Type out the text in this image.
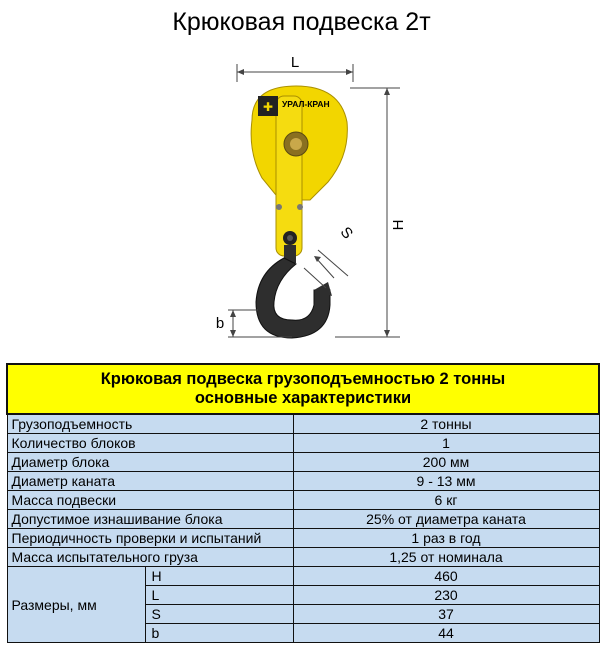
Крюковая подвеска 2т
L
H
✚ УРАЛ-КРАН
S
b
Крюковая подвеска грузоподъемностью 2 тонны
основные характеристики		

Грузоподъемность		2 тонны
Количество блоков		1
Диаметр блока		200 мм
Диаметр каната		9 - 13 мм
Масса подвески		6 кг
Допустимое изнашивание блока		25% от диаметра каната
Периодичность проверки и испытаний		1 раз в год
Масса испытательного груза		1,25 от номинала
Размеры, мм	H	460
	L	230
	S	37
	b	44
